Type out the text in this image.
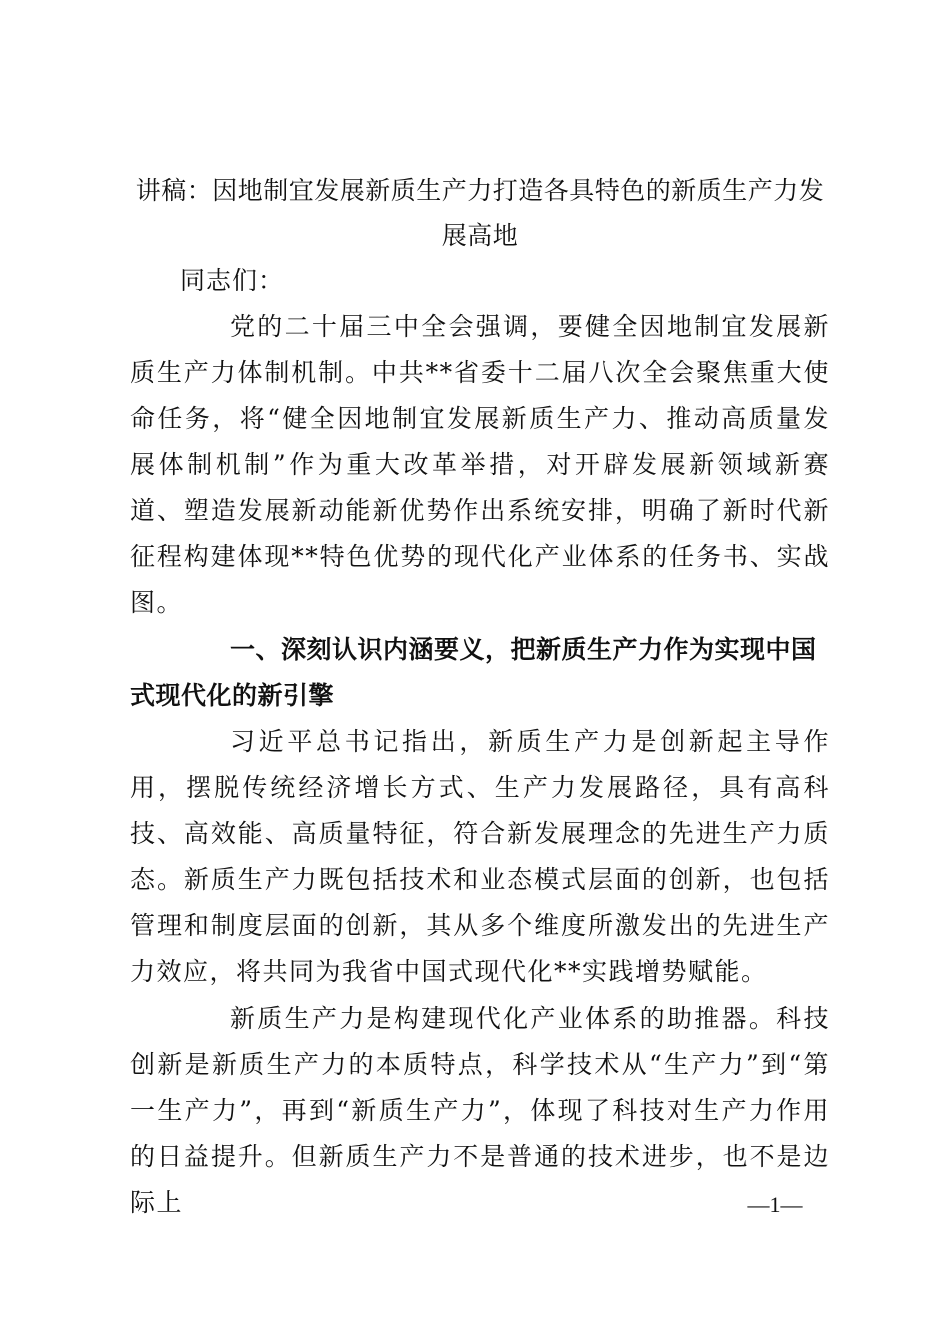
讲稿：因地制宜发展新质生产力打造各具特色的新质生产力发展高地

同志们：

党的二十届三中全会强调，要健全因地制宜发展新质生产力体制机制。中共**省委十二届八次全会聚焦重大使命任务，将“健全因地制宜发展新质生产力、推动高质量发展体制机制”作为重大改革举措，对开辟发展新领域新赛道、塑造发展新动能新优势作出系统安排，明确了新时代新征程构建体现**特色优势的现代化产业体系的任务书、实战图。

一、深刻认识内涵要义，把新质生产力作为实现中国式现代化的新引擎

习近平总书记指出，新质生产力是创新起主导作用，摆脱传统经济增长方式、生产力发展路径，具有高科技、高效能、高质量特征，符合新发展理念的先进生产力质态。新质生产力既包括技术和业态模式层面的创新，也包括管理和制度层面的创新，其从多个维度所激发出的先进生产力效应，将共同为我省中国式现代化**实践增势赋能。

新质生产力是构建现代化产业体系的助推器。科技创新是新质生产力的本质特点，科学技术从“生产力”到“第一生产力”，再到“新质生产力”，体现了科技对生产力作用的日益提升。但新质生产力不是普通的技术进步，也不是边际上	—1—
